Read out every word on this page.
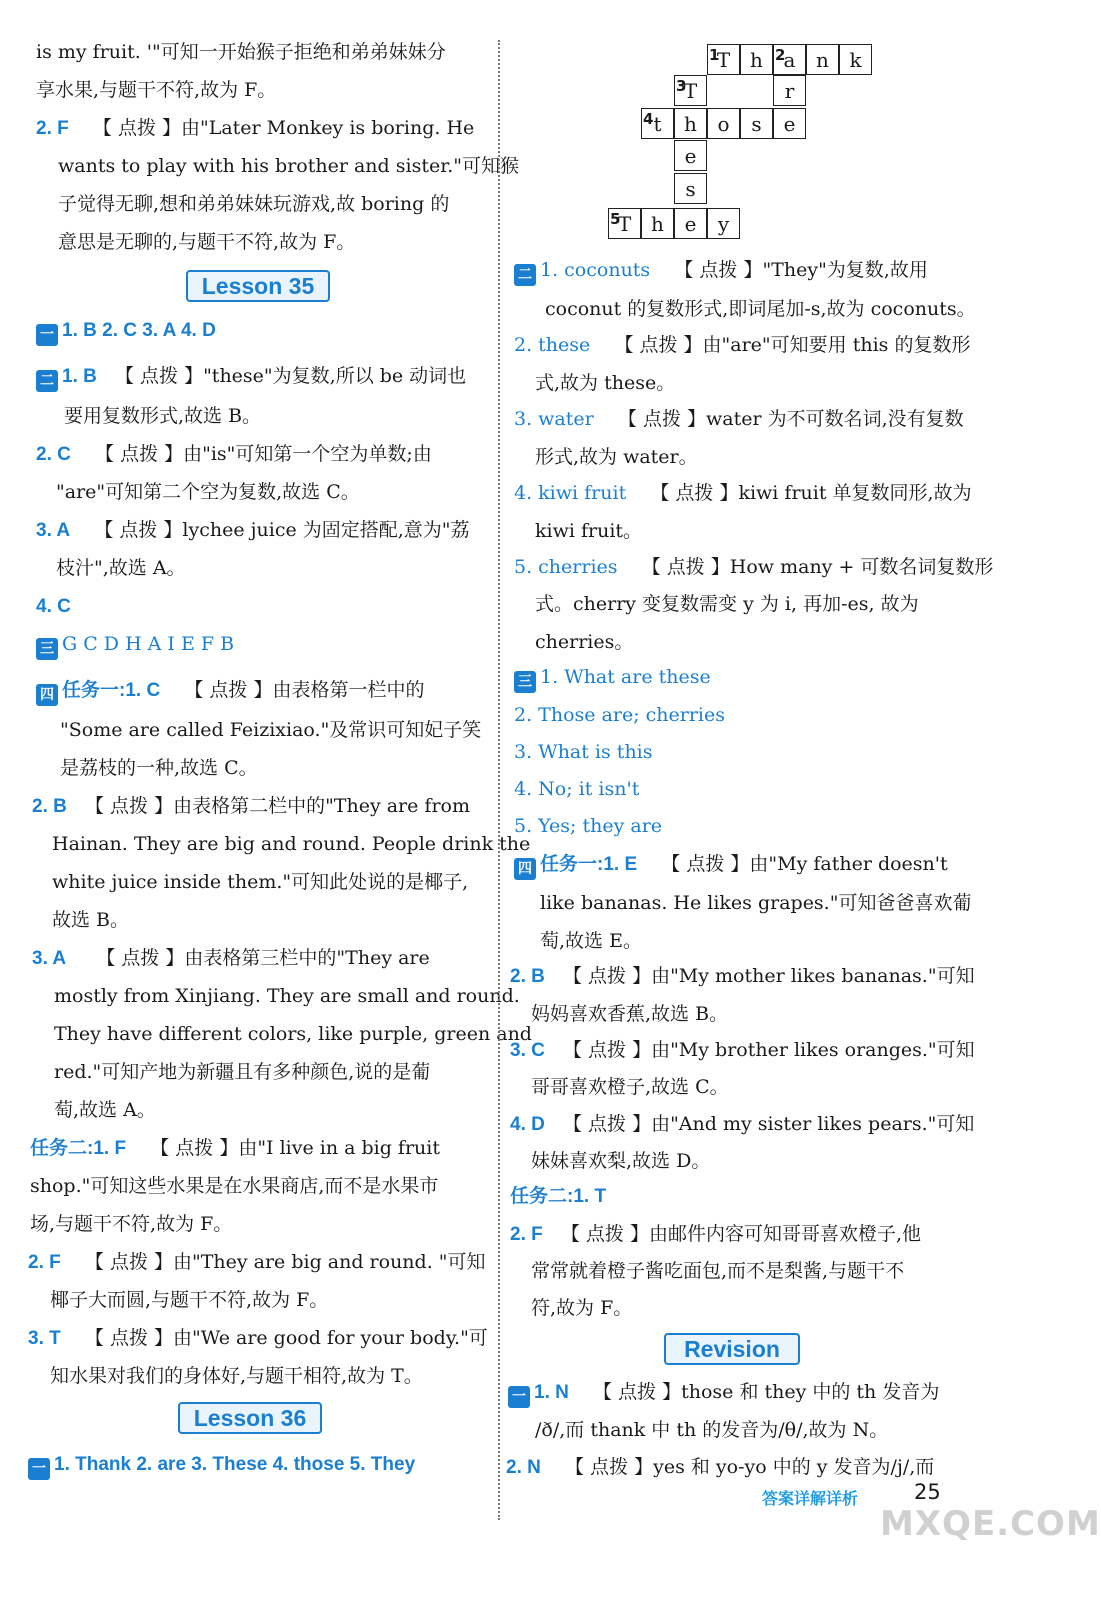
is my fruit. '"可知一开始猴子拒绝和弟弟妹妹分
享水果,与题干不符,故为 F。
2. F 【 点拨 】由"Later Monkey is boring. He
wants to play with his brother and sister."可知猴
子觉得无聊,想和弟弟妹妹玩游戏,故 boring 的
意思是无聊的,与题干不符,故为 F。
Lesson 35
一 1. B 2. C 3. A 4. D
二 1. B 【 点拨 】"these"为复数,所以 be 动词也
要用复数形式,故选 B。
2. C 【 点拨 】由"is"可知第一个空为单数;由
"are"可知第二个空为复数,故选 C。
3. A 【 点拨 】lychee juice 为固定搭配,意为"荔
枝汁",故选 A。
4. C
三 G C D H A I E F B
四 任务一:1. C 【 点拨 】由表格第一栏中的
"Some are called Feizixiao."及常识可知妃子笑
是荔枝的一种,故选 C。
2. B 【 点拨 】由表格第二栏中的"They are from
Hainan. They are big and round. People drink the
white juice inside them."可知此处说的是椰子,
故选 B。
3. A 【 点拨 】由表格第三栏中的"They are
mostly from Xinjiang. They are small and round.
They have different colors, like purple, green and
red."可知产地为新疆且有多种颜色,说的是葡
萄,故选 A。
任务二:1. F 【 点拨 】由"I live in a big fruit
shop."可知这些水果是在水果商店,而不是水果市
场,与题干不符,故为 F。
2. F 【 点拨 】由"They are big and round. "可知
椰子大而圆,与题干不符,故为 F。
3. T 【 点拨 】由"We are good for your body."可
知水果对我们的身体好,与题干相符,故为 T。
Lesson 36
一 1. Thank 2. are 3. These 4. those 5. They
1
T h 2
a	n	k
3
T	r
4 t	h	o	s	e
e
s
5
T h	e	y
二 1. coconuts 【 点拨 】"They"为复数,故用
coconut 的复数形式,即词尾加-s,故为 coconuts。
2. these 【 点拨 】由"are"可知要用 this 的复数形
式,故为 these。
3. water 【 点拨 】water 为不可数名词,没有复数
形式,故为 water。
4. kiwi fruit 【 点拨 】kiwi fruit 单复数同形,故为
kiwi fruit。
5. cherries 【 点拨 】How many + 可数名词复数形
式。cherry 变复数需变 y 为 i, 再加-es, 故为
cherries。
三 1. What are these
2. Those are; cherries
3. What is this
4. No; it isn't
5. Yes; they are
四 任务一:1. E 【 点拨 】由"My father doesn't
like bananas. He likes grapes."可知爸爸喜欢葡
萄,故选 E。
2. B 【 点拨 】由"My mother likes bananas."可知
妈妈喜欢香蕉,故选 B。
3. C 【 点拨 】由"My brother likes oranges."可知
哥哥喜欢橙子,故选 C。
4. D 【 点拨 】由"And my sister likes pears."可知
妹妹喜欢梨,故选 D。
任务二:1. T
2. F 【 点拨 】由邮件内容可知哥哥喜欢橙子,他
常常就着橙子酱吃面包,而不是梨酱,与题干不
符,故为 F。
Revision
一 1. N 【 点拨 】those 和 they 中的 th 发音为
/ð/,而 thank 中 th 的发音为/θ/,故为 N。
2. N 【 点拨 】yes 和 yo-yo 中的 y 发音为/j/,而
答案详解详析	25
MXQE.COM
